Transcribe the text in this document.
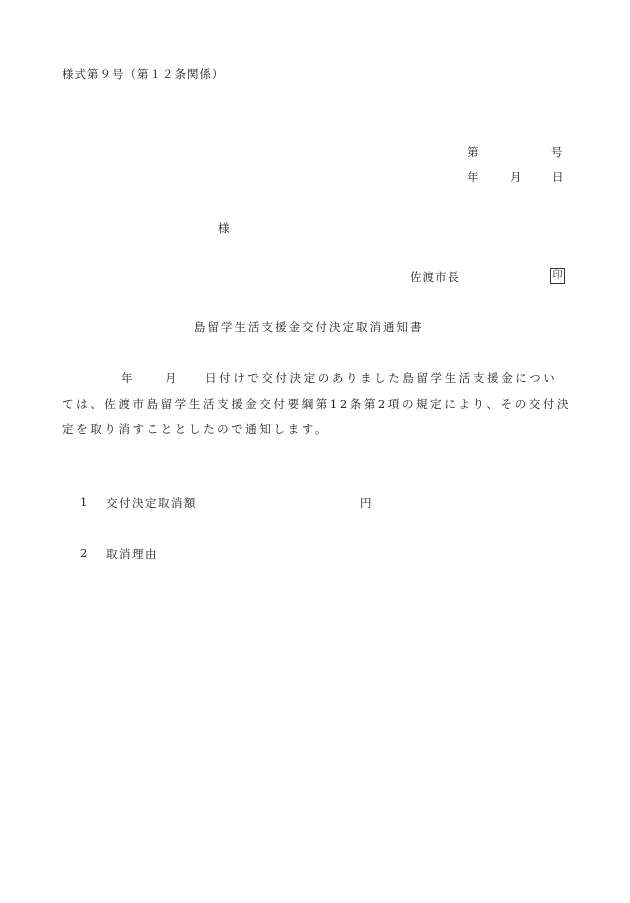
様式第９号（第１２条関係）
第	号
年	月	日
様
佐渡市長	印
島留学生活支援金交付決定取消通知書
年	月 日付けで交付決定のありました島留学生活支援金につい
ては、佐渡市島留学生活支援金交付要綱第12条第2項の規定により、その交付決
定を取り消すこととしたので通知します。
1 交付決定取消額	円
2 取消理由
